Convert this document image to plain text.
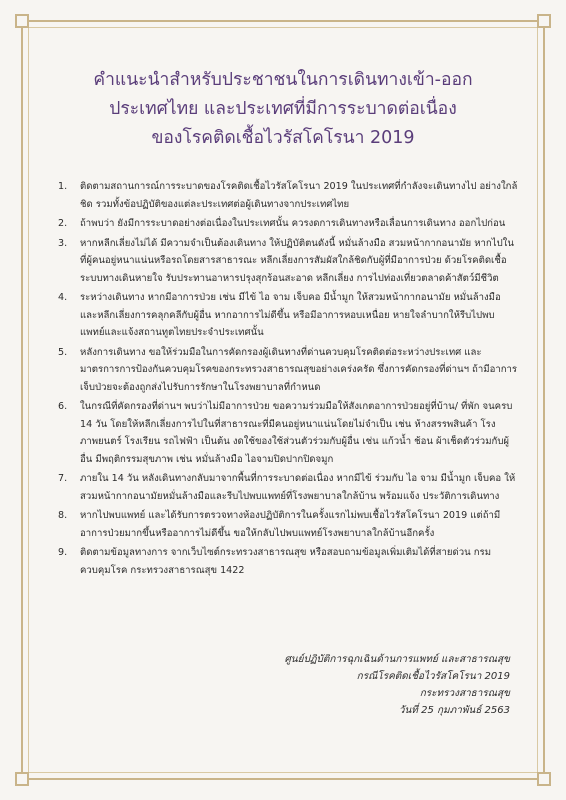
คำแนะนำสำหรับประชาชนในการเดินทางเข้า-ออก
ประเทศไทย และประเทศที่มีการระบาดต่อเนื่อง
ของโรคติดเชื้อไวรัสโคโรนา 2019
1.	ติดตามสถานการณ์การระบาดของโรคติดเชื้อไวรัสโคโรนา 2019 ในประเทศที่กำลังจะเดินทางไป อย่างใกล้ชิด รวมทั้งข้อปฏิบัติของแต่ละประเทศต่อผู้เดินทางจากประเทศไทย
2.	ถ้าพบว่า ยังมีการระบาดอย่างต่อเนื่องในประเทศนั้น ควรงดการเดินทางหรือเลื่อนการเดินทาง ออกไปก่อน
3.	หากหลีกเลี่ยงไม่ได้ มีความจำเป็นต้องเดินทาง ให้ปฏิบัติตนดังนี้ หมั่นล้างมือ สวมหน้ากากอนามัย หากไปในที่ผู้คนอยู่หนาแน่นหรือรถโดยสารสาธารณะ หลีกเลี่ยงการสัมผัสใกล้ชิดกับผู้ที่มีอาการป่วย ด้วยโรคติดเชื้อระบบทางเดินหายใจ รับประทานอาหารปรุงสุกร้อนสะอาด หลีกเลี่ยง การไปท่องเที่ยวตลาดค้าสัตว์มีชีวิต
4.	ระหว่างเดินทาง หากมีอาการป่วย เช่น มีไข้ ไอ จาม เจ็บคอ มีน้ำมูก ให้สวมหน้ากากอนามัย หมั่นล้างมือ และหลีกเลี่ยงการคลุกคลีกับผู้อื่น หากอาการไม่ดีขึ้น หรือมีอาการหอบเหนื่อย หายใจลำบากให้รีบไปพบแพทย์และแจ้งสถานทูตไทยประจำประเทศนั้น
5.	หลังการเดินทาง ขอให้ร่วมมือในการคัดกรองผู้เดินทางที่ด่านควบคุมโรคติดต่อระหว่างประเทศ และมาตรการการป้องกันควบคุมโรคของกระทรวงสาธารณสุขอย่างเคร่งครัด ซึ่งการคัดกรองที่ด่านฯ ถ้ามีอาการเจ็บป่วยจะต้องถูกส่งไปรับการรักษาในโรงพยาบาลที่กำหนด
6.	ในกรณีที่คัดกรองที่ด่านฯ พบว่าไม่มีอาการป่วย ขอความร่วมมือให้สังเกตอาการป่วยอยู่ที่บ้าน/ ที่พัก จนครบ 14 วัน โดยให้หลีกเลี่ยงการไปในที่สาธารณะที่มีคนอยู่หนาแน่นโดยไม่จำเป็น เช่น ห้างสรรพสินค้า โรงภาพยนตร์ โรงเรียน รถไฟฟ้า เป็นต้น งดใช้ของใช้ส่วนตัวร่วมกับผู้อื่น เช่น แก้วน้ำ ช้อน ผ้าเช็ดตัวร่วมกับผู้อื่น มีพฤติกรรมสุขภาพ เช่น หมั่นล้างมือ ไอจามปิดปากปิดจมูก
7.	ภายใน 14 วัน หลังเดินทางกลับมาจากพื้นที่การระบาดต่อเนื่อง หากมีไข้ ร่วมกับ ไอ จาม มีน้ำมูก เจ็บคอ ให้สวมหน้ากากอนามัยหมั่นล้างมือและรีบไปพบแพทย์ที่โรงพยาบาลใกล้บ้าน พร้อมแจ้ง ประวัติการเดินทาง
8.	หากไปพบแพทย์ และได้รับการตรวจทางห้องปฏิบัติการในครั้งแรกไม่พบเชื้อไวรัสโคโรนา 2019 แต่ถ้ามีอาการป่วยมากขึ้นหรืออาการไม่ดีขึ้น ขอให้กลับไปพบแพทย์โรงพยาบาลใกล้บ้านอีกครั้ง
9.	ติดตามข้อมูลทางการ จากเว็บไซต์กระทรวงสาธารณสุข หรือสอบถามข้อมูลเพิ่มเติมได้ที่สายด่วน กรมควบคุมโรค กระทรวงสาธารณสุข 1422
ศูนย์ปฏิบัติการฉุกเฉินด้านการแพทย์ และสาธารณสุข
กรณีโรคติดเชื้อไวรัสโคโรนา 2019
กระทรวงสาธารณสุข
วันที่ 25 กุมภาพันธ์ 2563
